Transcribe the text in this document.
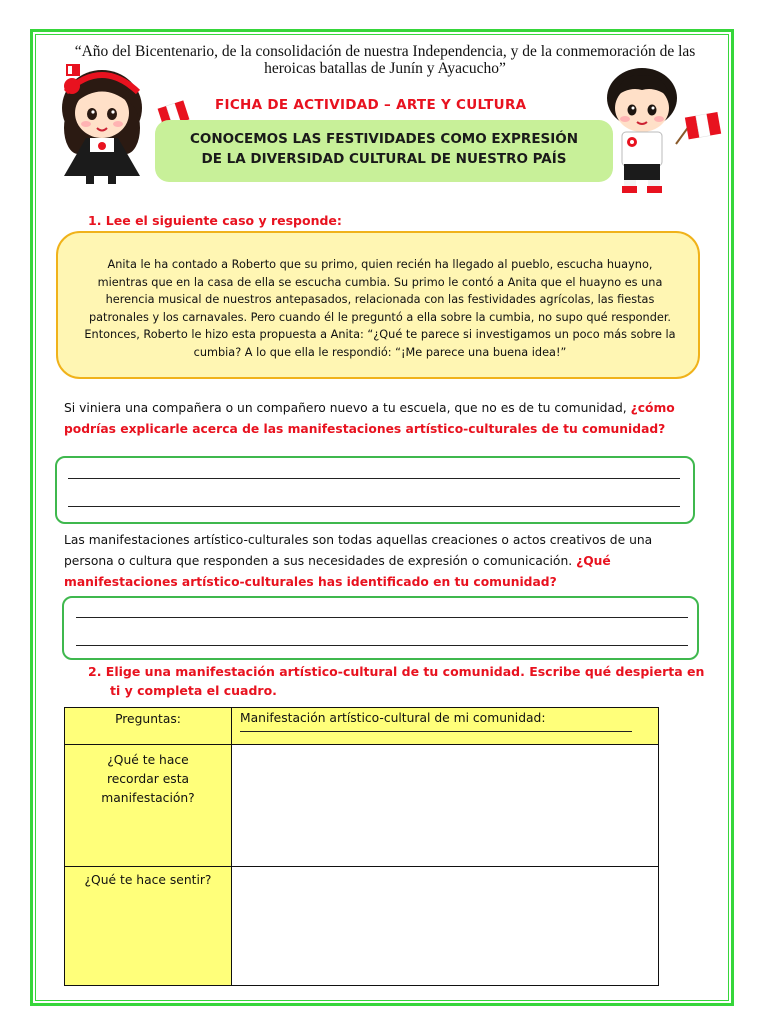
“Año del Bicentenario, de la consolidación de nuestra Independencia, y de la conmemoración de las heroicas batallas de Junín y Ayacucho”
FICHA DE ACTIVIDAD – ARTE Y CULTURA
CONOCEMOS LAS FESTIVIDADES COMO EXPRESIÓN
DE LA DIVERSIDAD CULTURAL DE NUESTRO PAÍS
1. Lee el siguiente caso y responde:
Anita le ha contado a Roberto que su primo, quien recién ha llegado al pueblo, escucha huayno, mientras que en la casa de ella se escucha cumbia. Su primo le contó a Anita que el huayno es una herencia musical de nuestros antepasados, relacionada con las festividades agrícolas, las fiestas patronales y los carnavales. Pero cuando él le preguntó a ella sobre la cumbia, no supo qué responder. Entonces, Roberto le hizo esta propuesta a Anita: “¿Qué te parece si investigamos un poco más sobre la cumbia? A lo que ella le respondió: “¡Me parece una buena idea!”
Si viniera una compañera o un compañero nuevo a tu escuela, que no es de tu comunidad, ¿cómo podrías explicarle acerca de las manifestaciones artístico-culturales de tu comunidad?
Las manifestaciones artístico-culturales son todas aquellas creaciones o actos creativos de una persona o cultura que responden a sus necesidades de expresión o comunicación. ¿Qué manifestaciones artístico-culturales has identificado en tu comunidad?
2. Elige una manifestación artístico-cultural de tu comunidad. Escribe qué despierta en
ti y completa el cuadro.
Preguntas:	Manifestación artístico-cultural de mi comunidad:

¿Qué te hace recordar esta manifestación?	
¿Qué te hace sentir?	
